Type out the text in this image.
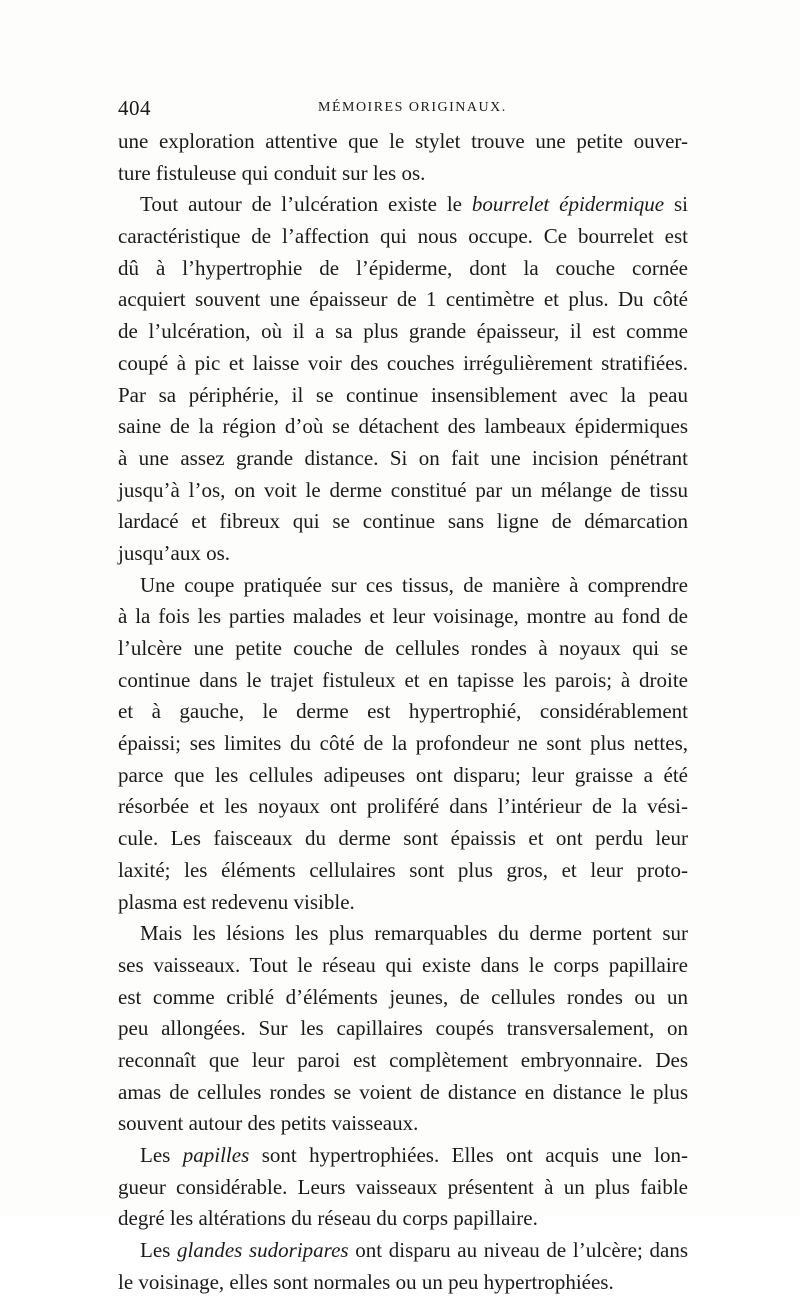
404	MÉMOIRES ORIGINAUX.
une exploration attentive que le stylet trouve une petite ouver-
ture fistuleuse qui conduit sur les os.
Tout autour de l’ulcération existe le bourrelet épidermique si
caractéristique de l’affection qui nous occupe. Ce bourrelet est
dû à l’hypertrophie de l’épiderme, dont la couche cornée
acquiert souvent une épaisseur de 1 centimètre et plus. Du côté
de l’ulcération, où il a sa plus grande épaisseur, il est comme
coupé à pic et laisse voir des couches irrégulièrement stratifiées.
Par sa périphérie, il se continue insensiblement avec la peau
saine de la région d’où se détachent des lambeaux épidermiques
à une assez grande distance. Si on fait une incision pénétrant
jusqu’à l’os, on voit le derme constitué par un mélange de tissu
lardacé et fibreux qui se continue sans ligne de démarcation
jusqu’aux os.
Une coupe pratiquée sur ces tissus, de manière à comprendre
à la fois les parties malades et leur voisinage, montre au fond de
l’ulcère une petite couche de cellules rondes à noyaux qui se
continue dans le trajet fistuleux et en tapisse les parois; à droite
et à gauche, le derme est hypertrophié, considérablement
épaissi; ses limites du côté de la profondeur ne sont plus nettes,
parce que les cellules adipeuses ont disparu; leur graisse a été
résorbée et les noyaux ont proliféré dans l’intérieur de la vési-
cule. Les faisceaux du derme sont épaissis et ont perdu leur
laxité; les éléments cellulaires sont plus gros, et leur proto-
plasma est redevenu visible.
Mais les lésions les plus remarquables du derme portent sur
ses vaisseaux. Tout le réseau qui existe dans le corps papillaire
est comme criblé d’éléments jeunes, de cellules rondes ou un
peu allongées. Sur les capillaires coupés transversalement, on
reconnaît que leur paroi est complètement embryonnaire. Des
amas de cellules rondes se voient de distance en distance le plus
souvent autour des petits vaisseaux.
Les papilles sont hypertrophiées. Elles ont acquis une lon-
gueur considérable. Leurs vaisseaux présentent à un plus faible
degré les altérations du réseau du corps papillaire.
Les glandes sudoripares ont disparu au niveau de l’ulcère; dans
le voisinage, elles sont normales ou un peu hypertrophiées.
